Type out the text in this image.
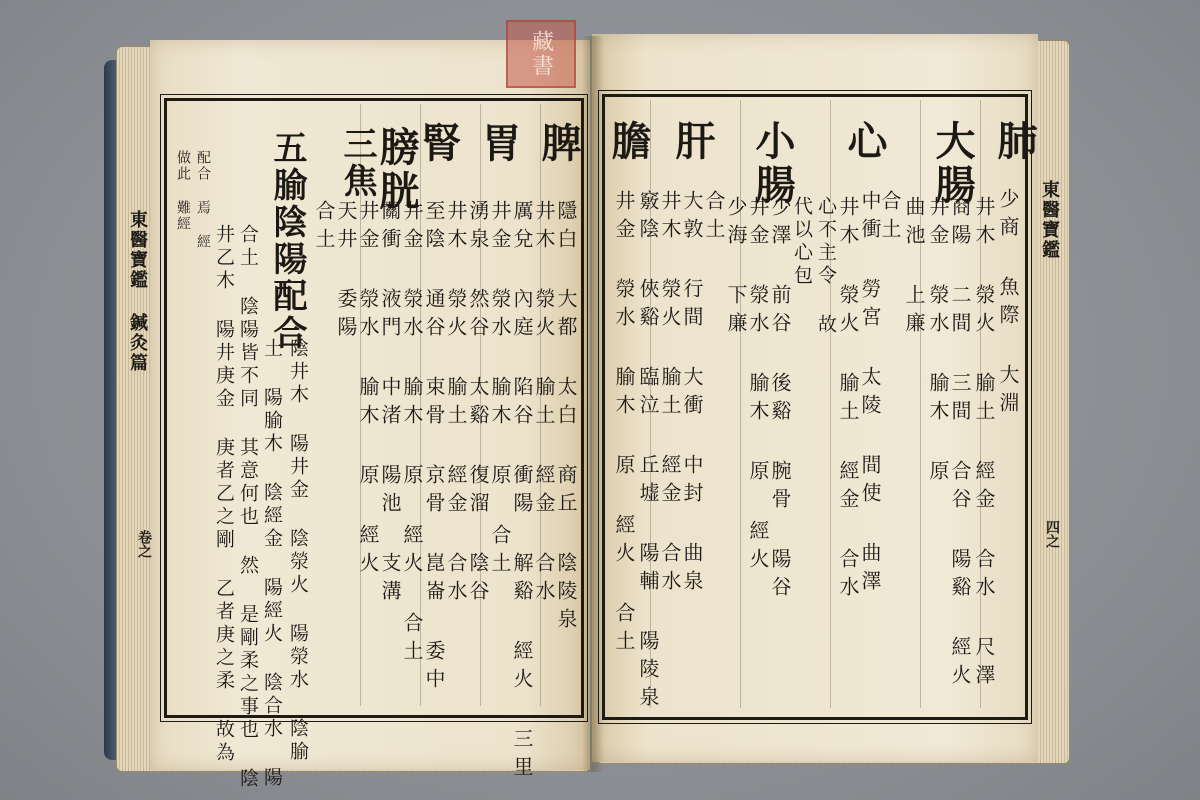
藏書
肺
大腸
心
小腸
肝
膽
少商 魚際 大淵
井木 滎火 腧土 經金 合水 尺澤
商陽 二間 三間 合谷 陽谿 經火
井金 滎水 腧木 原
曲池 上廉
合土
中衝 勞宮 太陵 間使 曲澤
井木 滎火 腧土 經金 合水
心不主令 故
代以心包
少澤 前谷 後谿 腕骨 陽谷
井金 滎水 腧木 原 經火
少海 下廉
合土
大敦 行間 大衝 中封 曲泉
井木 滎火 腧土 經金 合水
竅陰 俠谿 臨泣 丘墟 陽輔 陽陵泉
井金 滎水 腧木 原 經火 合土
脾
胃
腎
膀胱
三焦
隱白 大都 太白 商丘 陰陵泉
井木 滎火 腧土 經金 合水
厲兌 內庭 陷谷 衝陽 解谿 經火 三里
井金 滎水 腧木 原 合土
湧泉 然谷 太谿 復溜 陰谷
井木 滎火 腧土 經金 合水
至陰 通谷 束骨 京骨 崑崙 委中
井金 滎水 腧木 原 經火 合土
關衝 液門 中渚 陽池 支溝
井金 滎水 腧木 原 經火
天井 委陽
合土
五腧陰陽配合
陰井木 陽井金 陰滎火 陽滎水 陰腧
土 陽腧木 陰經金 陽經火 陰合水 陽
合土 陰陽皆不同 其意何也 然 是剛柔之事也 陰
井乙木 陽井庚金 庚者乙之剛 乙者庚之柔 故為
配合 焉 經
做此 難經	東醫寶鑑
東醫寶鑑 鍼灸篇
卷之	四之
